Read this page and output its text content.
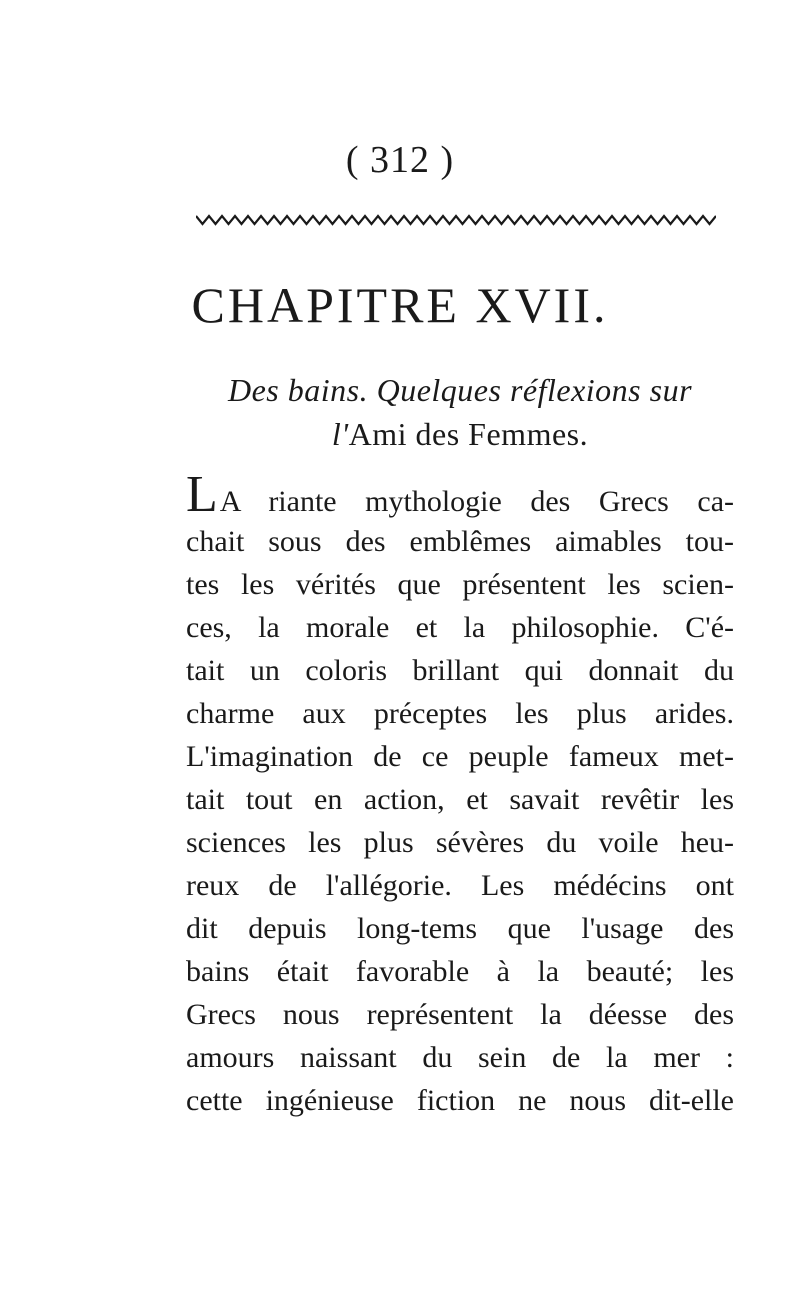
( 312 )
CHAPITRE XVII.
Des bains. Quelques réflexions sur
l'Ami des Femmes.
LA riante mythologie des Grecs ca-
chait sous des emblêmes aimables tou-
tes les vérités que présentent les scien-
ces, la morale et la philosophie. C'é-
tait un coloris brillant qui donnait du
charme aux préceptes les plus arides.
L'imagination de ce peuple fameux met-
tait tout en action, et savait revêtir les
sciences les plus sévères du voile heu-
reux de l'allégorie. Les médécins ont
dit depuis long-tems que l'usage des
bains était favorable à la beauté; les
Grecs nous représentent la déesse des
amours naissant du sein de la mer :
cette ingénieuse fiction ne nous dit-elle
